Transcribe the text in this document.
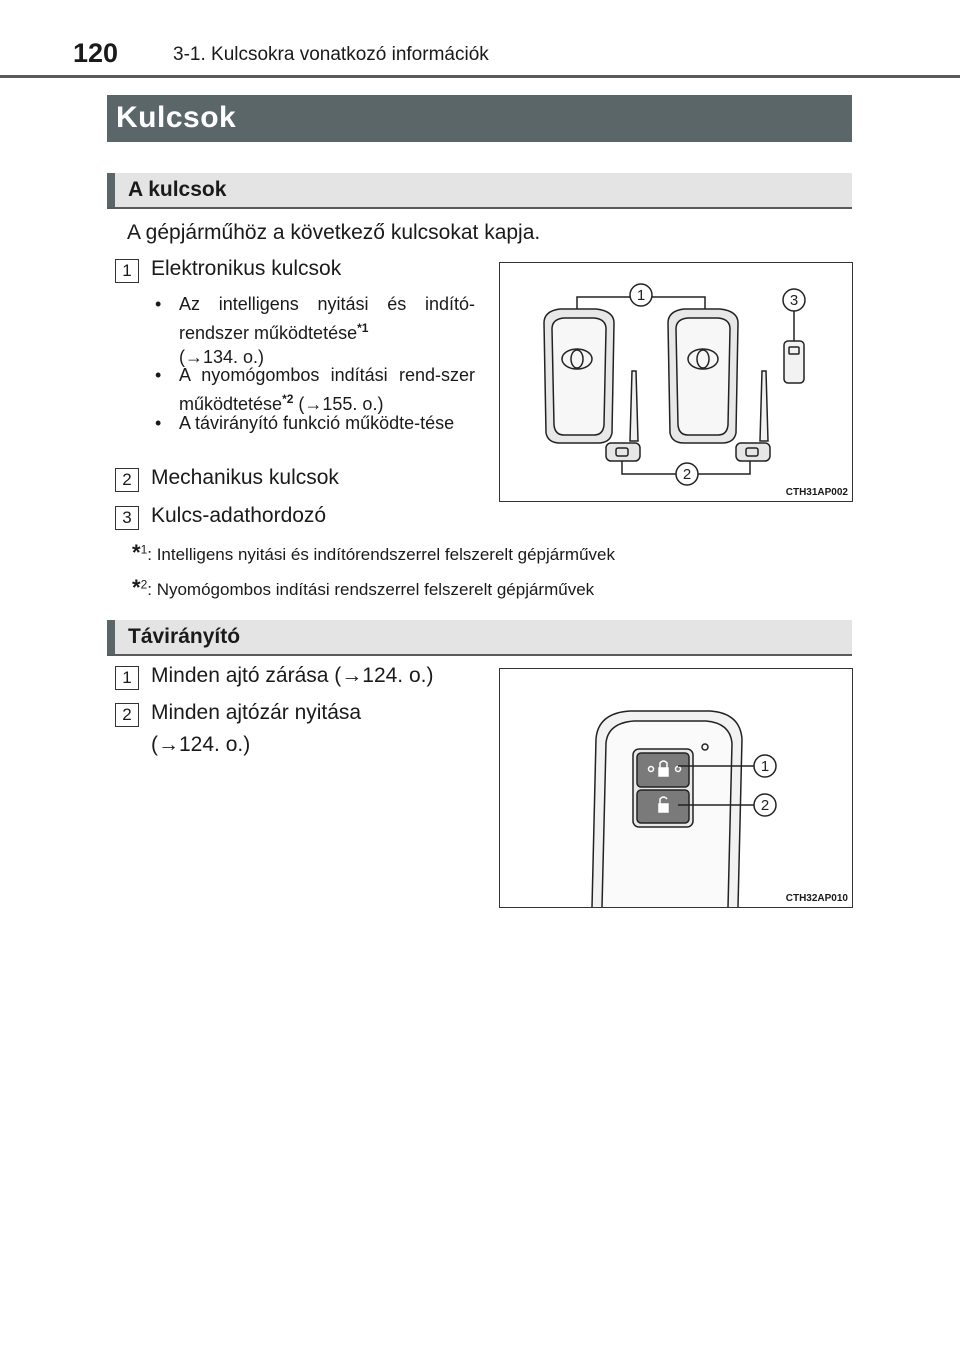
120	3-1. Kulcsokra vonatkozó információk
Kulcsok
A kulcsok
A gépjárműhöz a következő kulcsokat kapja.
1 Elektronikus kulcsok
• Az intelligens nyitási és indító-rendszer működtetése$^{*1}$
(→134. o.)
• A nyomógombos indítási rend-szer működtetése$^{*2}$ (→155. o.)
• A távirányító funkció működte-tése
2 Mechanikus kulcsok
3 Kulcs-adathordozó
1
2
3
CTH31AP002
*$^1$: Intelligens nyitási és indítórendszerrel felszerelt gépjárművek
*$^2$: Nyomógombos indítási rendszerrel felszerelt gépjárművek
Távirányító
1 Minden ajtó zárása (→124. o.)
2 Minden ajtózár nyitása
(→124. o.)
1
2
CTH32AP010
